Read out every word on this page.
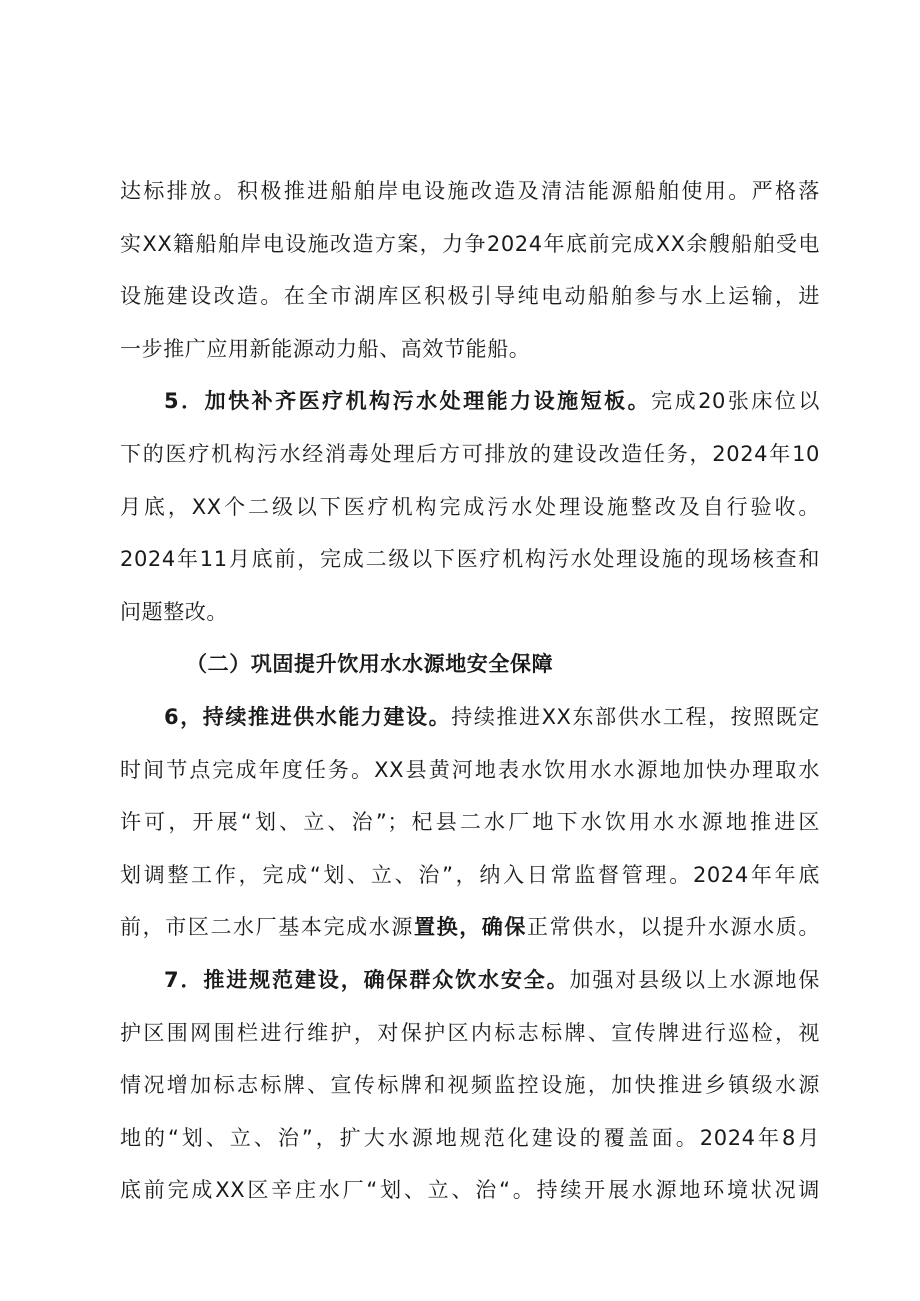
达标排放。积极推进船舶岸电设施改造及清洁能源船舶使用。严格落
实XX籍船舶岸电设施改造方案，力争2024年底前完成XX余艘船舶受电
设施建设改造。在全市湖库区积极引导纯电动船舶参与水上运输，进
一步推广应用新能源动力船、高效节能船。
5．加快补齐医疗机构污水处理能力设施短板。完成20张床位以
下的医疗机构污水经消毒处理后方可排放的建设改造任务，2024年10
月底，XX个二级以下医疗机构完成污水处理设施整改及自行验收。
2024年11月底前，完成二级以下医疗机构污水处理设施的现场核查和
问题整改。
（二）巩固提升饮用水水源地安全保障
6，持续推进供水能力建设。持续推进XX东部供水工程，按照既定
时间节点完成年度任务。XX县黄河地表水饮用水水源地加快办理取水
许可，开展“划、立、治”；杞县二水厂地下水饮用水水源地推进区
划调整工作，完成“划、立、治”，纳入日常监督管理。2024年年底
前，市区二水厂基本完成水源置换，确保正常供水，以提升水源水质。
7．推进规范建设，确保群众饮水安全。加强对县级以上水源地保
护区围网围栏进行维护，对保护区内标志标牌、宣传牌进行巡检，视
情况增加标志标牌、宣传标牌和视频监控设施，加快推进乡镇级水源
地的“划、立、治”，扩大水源地规范化建设的覆盖面。2024年8月
底前完成XX区辛庄水厂“划、立、治“。持续开展水源地环境状况调
